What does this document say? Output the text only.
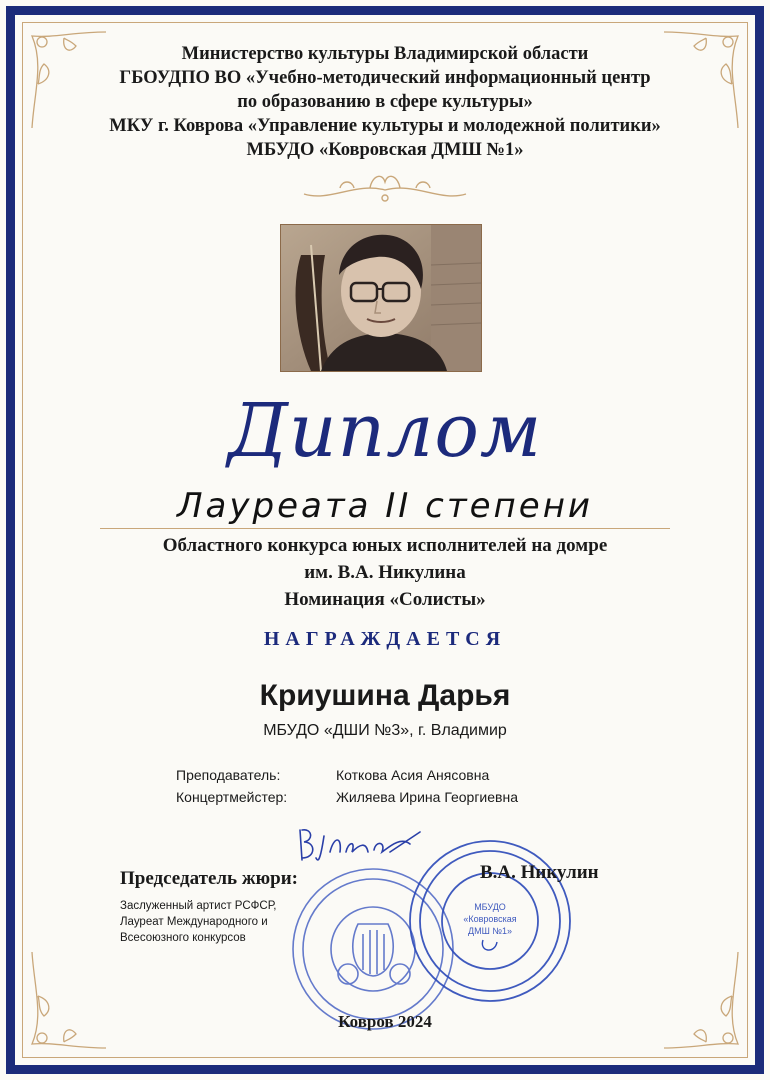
Министерство культуры Владимирской области
ГБОУДПО ВО «Учебно-методический информационный центр
по образованию в сфере культуры»
МКУ г. Коврова «Управление культуры и молодежной политики»
МБУДО «Ковровская ДМШ №1»
Диплом
Лауреата II степени
Областного конкурса юных исполнителей на домре
им. В.А. Никулина
Номинация «Солисты»
НАГРАЖДАЕТСЯ
Криушина Дарья
МБУДО «ДШИ №3», г. Владимир
Преподаватель:	Коткова Асия Анясовна
Концертмейстер:	Жиляева Ирина Георгиевна
МБУДО
«Ковровская
ДМШ №1»
Председатель жюри:	В.А. Никулин
Заслуженный артист РСФСР,
Лауреат Международного и
Всесоюзного конкурсов
Ковров 2024
